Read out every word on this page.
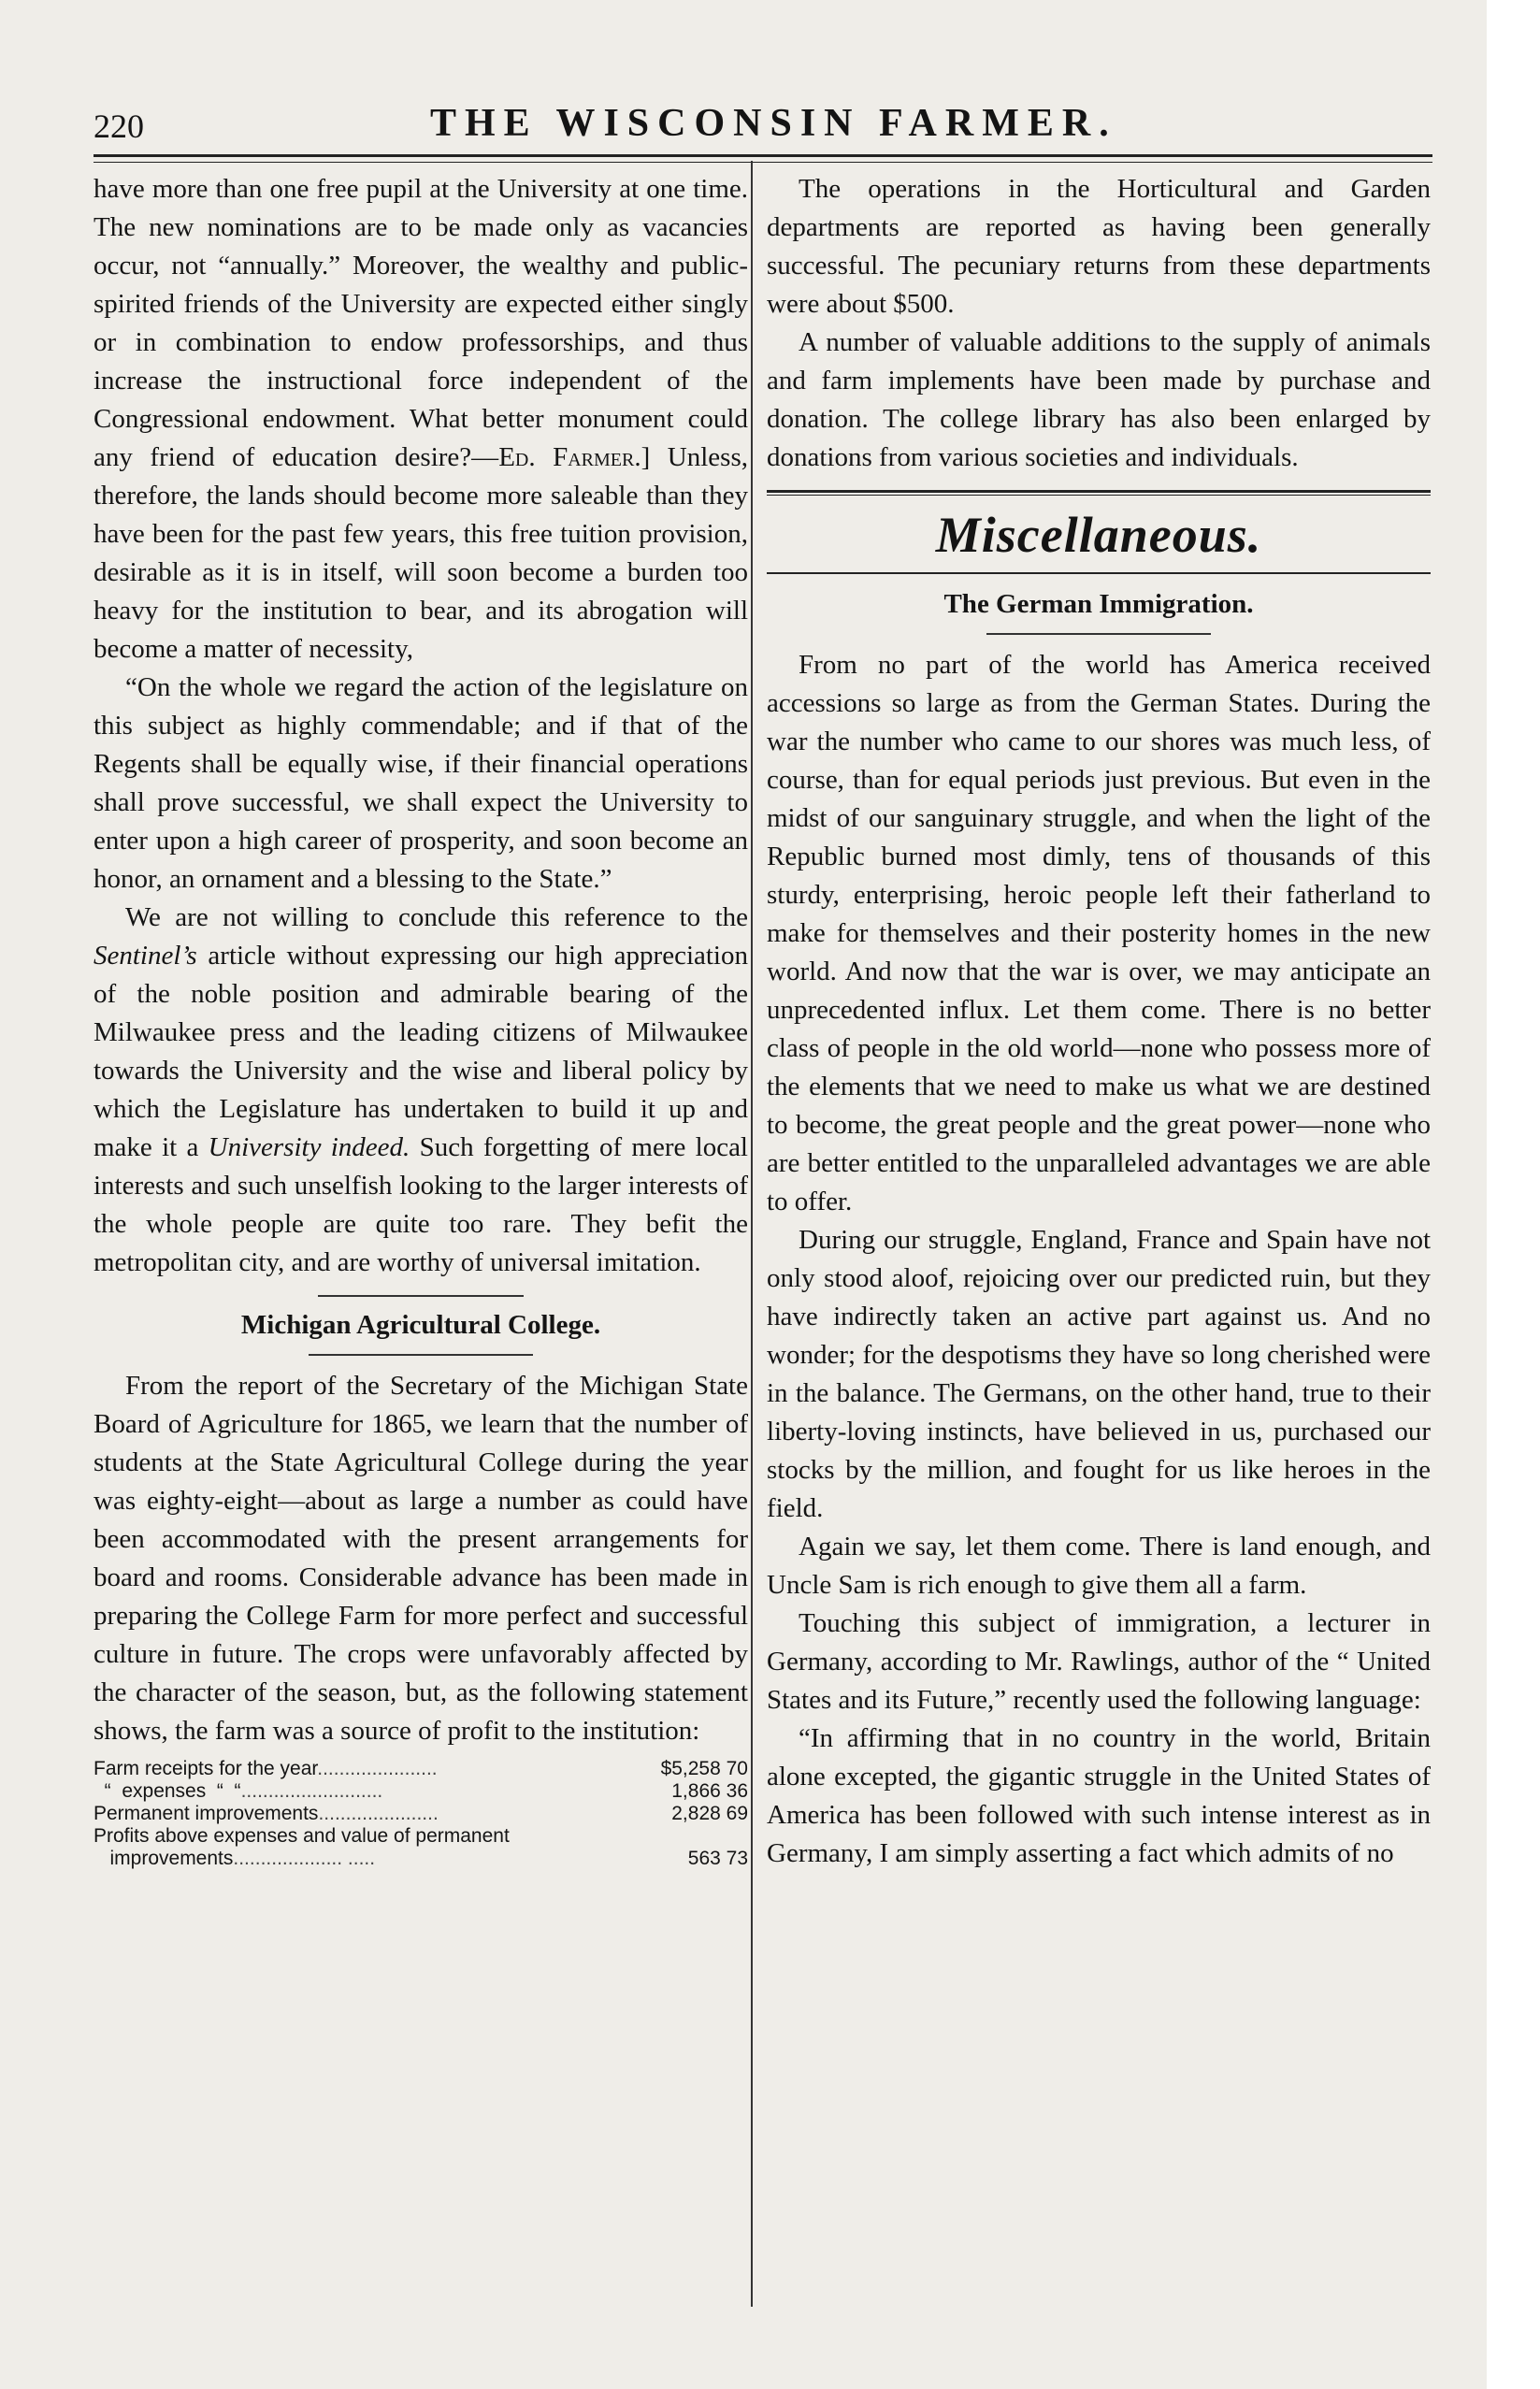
220	THE WISCONSIN FARMER.

have more than one free pupil at the University at one time. The new nominations are to be made only as vacancies occur, not “annually.” Moreover, the wealthy and public-spirited friends of the University are expected either singly or in combination to endow professorships, and thus increase the instructional force independent of the Congressional endowment. What better monument could any friend of education desire?—Ed. Farmer.] Unless, therefore, the lands should become more saleable than they have been for the past few years, this free tuition provision, desirable as it is in itself, will soon become a burden too heavy for the institution to bear, and its abrogation will become a matter of necessity,

“On the whole we regard the action of the legislature on this subject as highly commendable; and if that of the Regents shall be equally wise, if their financial operations shall prove successful, we shall expect the University to enter upon a high career of prosperity, and soon become an honor, an ornament and a blessing to the State.”

We are not willing to conclude this reference to the Sentinel’s article without expressing our high appreciation of the noble position and admirable bearing of the Milwaukee press and the leading citizens of Milwaukee towards the University and the wise and liberal policy by which the Legislature has undertaken to build it up and make it a University indeed. Such forgetting of mere local interests and such unselfish looking to the larger interests of the whole people are quite too rare. They befit the metropolitan city, and are worthy of universal imitation.

Michigan Agricultural College.

From the report of the Secretary of the Michigan State Board of Agriculture for 1865, we learn that the number of students at the State Agricultural College during the year was eighty-eight—about as large a number as could have been accommodated with the present arrangements for board and rooms. Considerable advance has been made in preparing the College Farm for more perfect and successful culture in future. The crops were unfavorably affected by the character of the season, but, as the following statement shows, the farm was a source of profit to the institution:

Farm receipts for the year......................	$5,258 70
“  expenses  “  “..........................	1,866 36
Permanent improvements......................	2,828 69
Profits above expenses and value of permanent	
improvements.................... .....	563 73

The operations in the Horticultural and Garden departments are reported as having been generally successful. The pecuniary returns from these departments were about $500.

A number of valuable additions to the supply of animals and farm implements have been made by purchase and donation. The college library has also been enlarged by donations from various societies and individuals.

Miscellaneous.
The German Immigration.

From no part of the world has America received accessions so large as from the German States. During the war the number who came to our shores was much less, of course, than for equal periods just previous. But even in the midst of our sanguinary struggle, and when the light of the Republic burned most dimly, tens of thousands of this sturdy, enterprising, heroic people left their fatherland to make for themselves and their posterity homes in the new world. And now that the war is over, we may anticipate an unprecedented influx. Let them come. There is no better class of people in the old world—none who possess more of the elements that we need to make us what we are destined to become, the great people and the great power—none who are better entitled to the unparalleled advantages we are able to offer.

During our struggle, England, France and Spain have not only stood aloof, rejoicing over our predicted ruin, but they have indirectly taken an active part against us. And no wonder; for the despotisms they have so long cherished were in the balance. The Germans, on the other hand, true to their liberty-loving instincts, have believed in us, purchased our stocks by the million, and fought for us like heroes in the field.

Again we say, let them come. There is land enough, and Uncle Sam is rich enough to give them all a farm.

Touching this subject of immigration, a lecturer in Germany, according to Mr. Rawlings, author of the “ United States and its Future,” recently used the following language:

“In affirming that in no country in the world, Britain alone excepted, the gigantic struggle in the United States of America has been followed with such intense interest as in Germany, I am simply asserting a fact which admits of no
